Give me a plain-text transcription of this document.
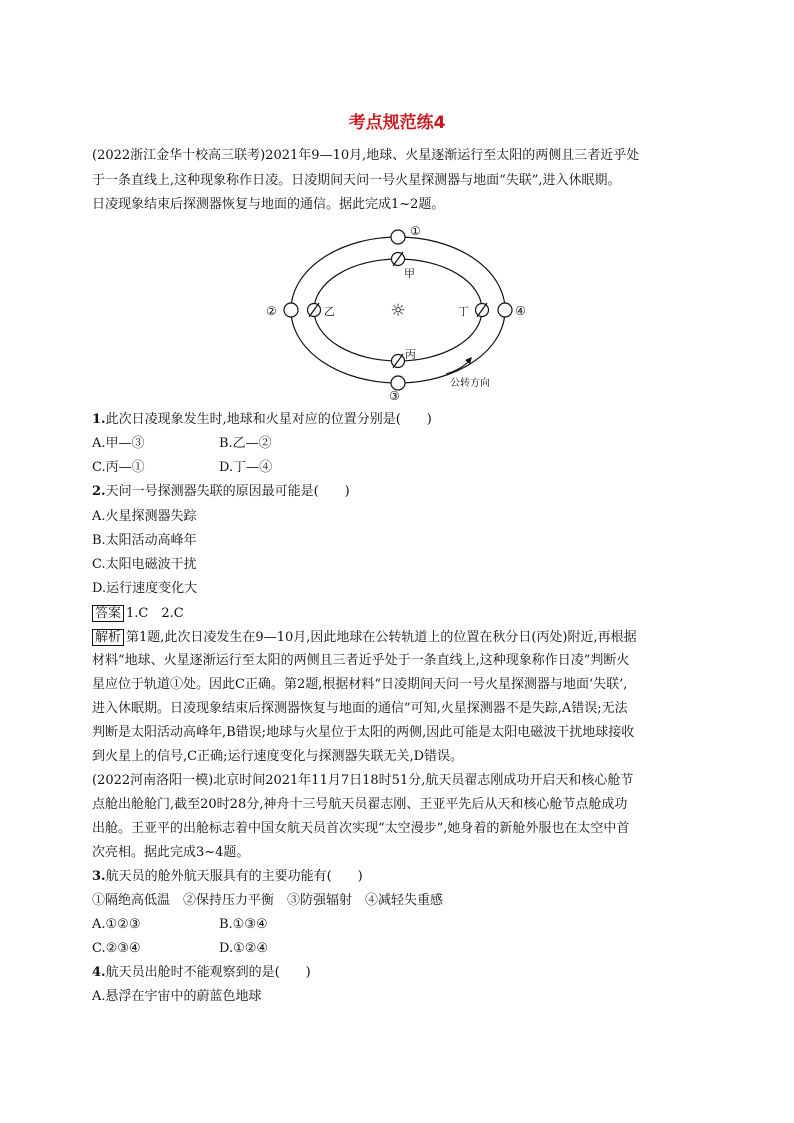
考点规范练4
(2022浙江金华十校高三联考)2021年9—10月,地球、火星逐渐运行至太阳的两侧且三者近乎处
于一条直线上,这种现象称作日凌。日凌期间天问一号火星探测器与地面“失联”,进入休眠期。
日凌现象结束后探测器恢复与地面的通信。据此完成1~2题。
☼
①
②
③
④
甲
乙
丙
丁
公转方向
1.此次日凌现象发生时,地球和火星对应的位置分别是(　　)
A.甲—③	B.乙—②
C.丙—①	D.丁—④
2.天问一号探测器失联的原因最可能是(　　)
A.火星探测器失踪
B.太阳活动高峰年
C.太阳电磁波干扰
D.运行速度变化大
答案 1.C　2.C
解析 第1题,此次日凌发生在9—10月,因此地球在公转轨道上的位置在秋分日(丙处)附近,再根据
材料“地球、火星逐渐运行至太阳的两侧且三者近乎处于一条直线上,这种现象称作日凌”判断火
星应位于轨道①处。因此C正确。第2题,根据材料“日凌期间天问一号火星探测器与地面‘失联’,
进入休眠期。日凌现象结束后探测器恢复与地面的通信”可知,火星探测器不是失踪,A错误;无法
判断是太阳活动高峰年,B错误;地球与火星位于太阳的两侧,因此可能是太阳电磁波干扰地球接收
到火星上的信号,C正确;运行速度变化与探测器失联无关,D错误。
(2022河南洛阳一模)北京时间2021年11月7日18时51分,航天员翟志刚成功开启天和核心舱节
点舱出舱舱门,截至20时28分,神舟十三号航天员翟志刚、王亚平先后从天和核心舱节点舱成功
出舱。王亚平的出舱标志着中国女航天员首次实现“太空漫步”,她身着的新舱外服也在太空中首
次亮相。据此完成3~4题。
3.航天员的舱外航天服具有的主要功能有(　　)
①隔绝高低温　②保持压力平衡　③防强辐射　④减轻失重感
A.①②③	B.①③④
C.②③④	D.①②④
4.航天员出舱时不能观察到的是(　　)
A.悬浮在宇宙中的蔚蓝色地球
